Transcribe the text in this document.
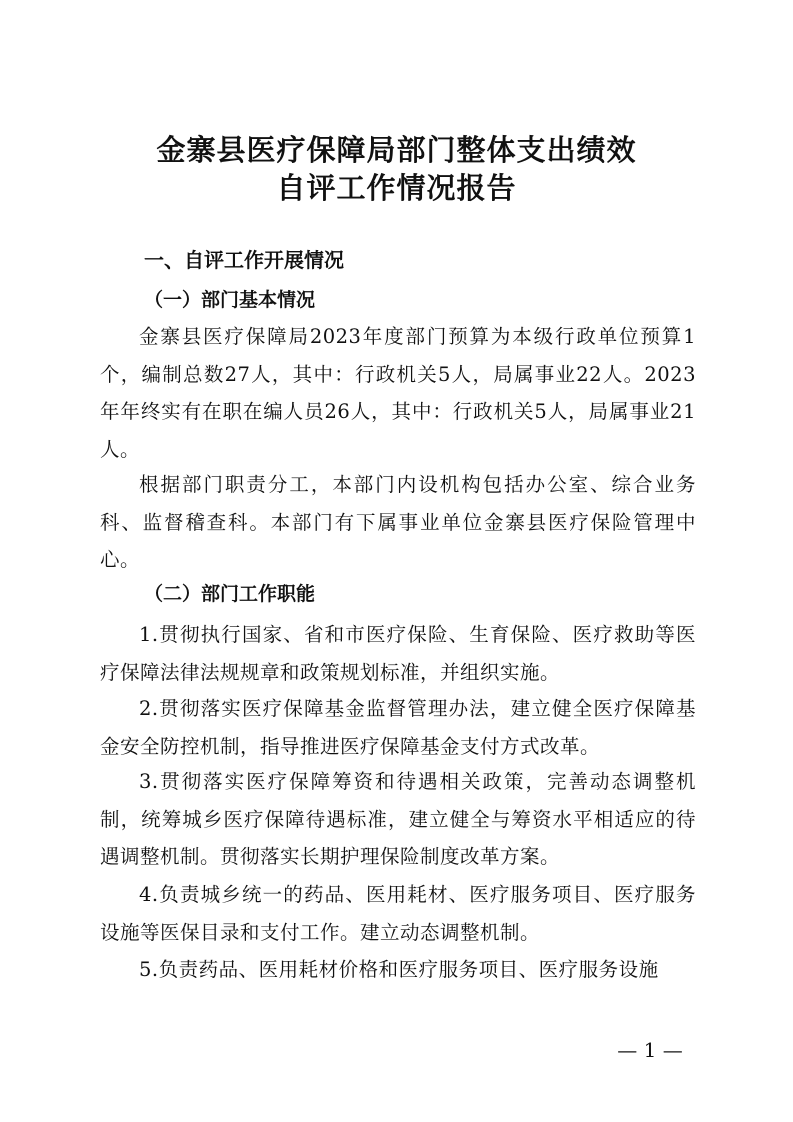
金寨县医疗保障局部门整体支出绩效
自评工作情况报告
一、自评工作开展情况
（一）部门基本情况

金寨县医疗保障局2023年度部门预算为本级行政单位预算1个，编制总数27人，其中：行政机关5人，局属事业22人。2023年年终实有在职在编人员26人，其中：行政机关5人，局属事业21人。

根据部门职责分工，本部门内设机构包括办公室、综合业务科、监督稽查科。本部门有下属事业单位金寨县医疗保险管理中心。

（二）部门工作职能

1.贯彻执行国家、省和市医疗保险、生育保险、医疗救助等医疗保障法律法规规章和政策规划标准，并组织实施。

2.贯彻落实医疗保障基金监督管理办法，建立健全医疗保障基金安全防控机制，指导推进医疗保障基金支付方式改革。

3.贯彻落实医疗保障筹资和待遇相关政策，完善动态调整机制，统筹城乡医疗保障待遇标准，建立健全与筹资水平相适应的待遇调整机制。贯彻落实长期护理保险制度改革方案。

4.负责城乡统一的药品、医用耗材、医疗服务项目、医疗服务设施等医保目录和支付工作。建立动态调整机制。

5.负责药品、医用耗材价格和医疗服务项目、医疗服务设施

— 1 —
